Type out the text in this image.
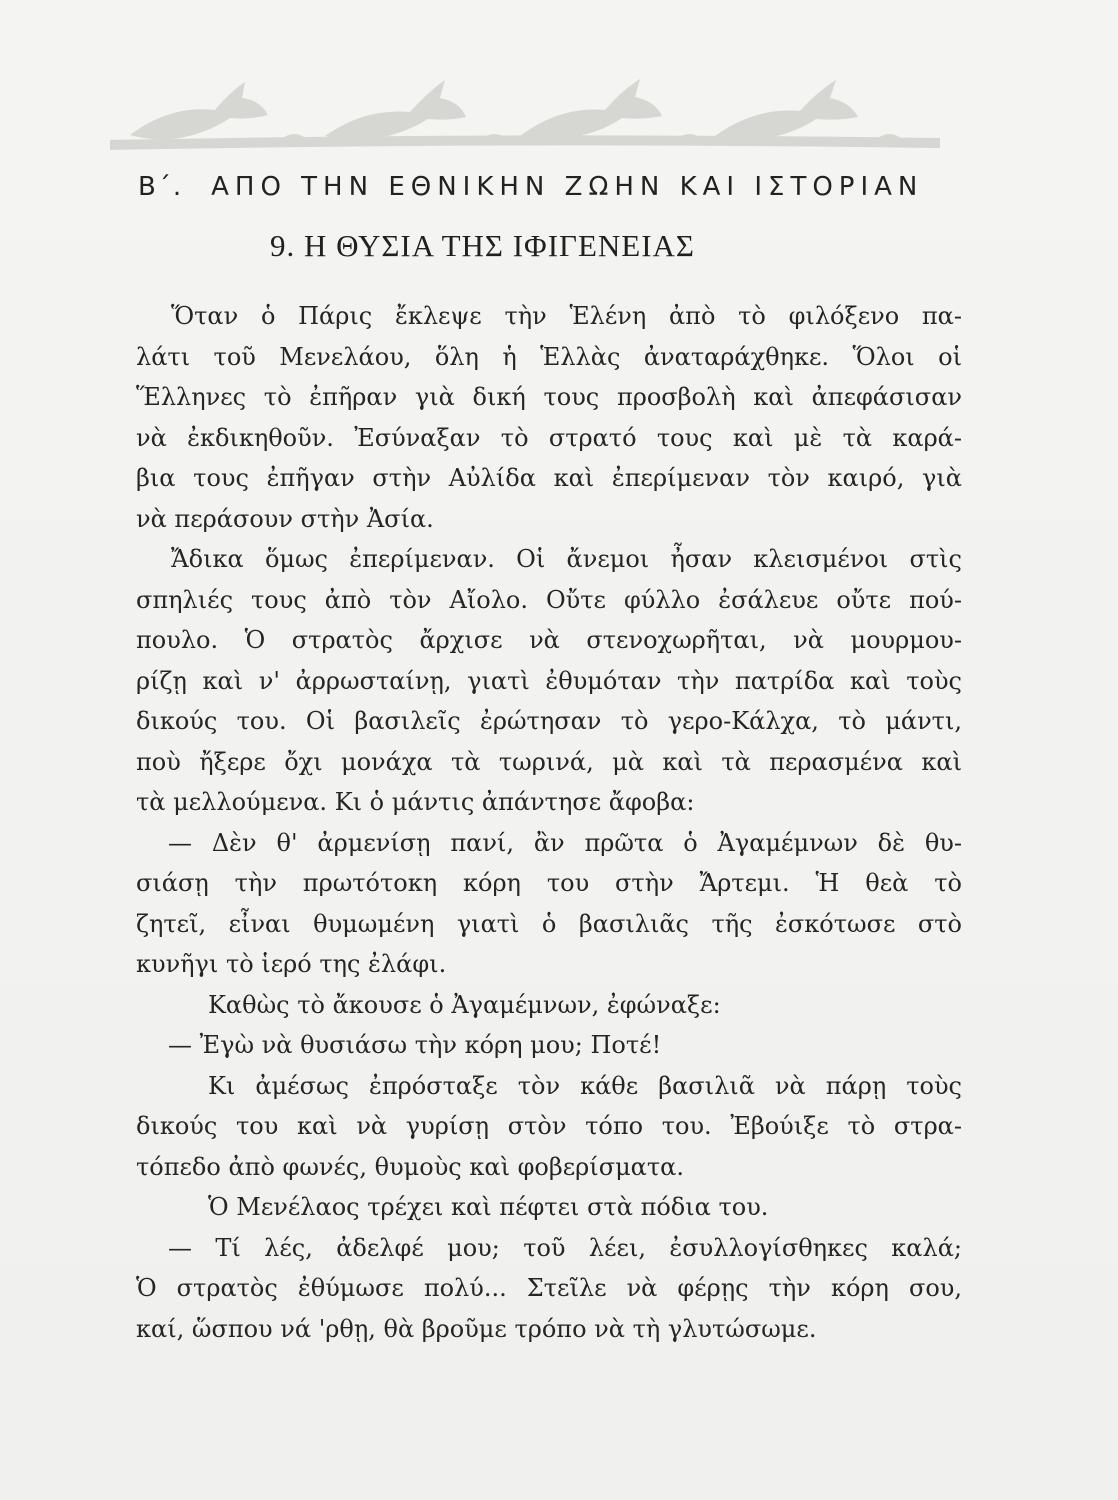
Β΄. ΑΠΟ ΤΗΝ ΕΘΝΙΚΗΝ ΖΩΗΝ ΚΑΙ ΙΣΤΟΡΙΑΝ
9. Η ΘΥΣΙΑ ΤΗΣ ΙΦΙΓΕΝΕΙΑΣ
Ὅταν ὁ Πάρις ἔκλεψε τὴν Ἑλένη ἀπὸ τὸ φιλόξενο πα-
λάτι τοῦ Μενελάου, ὅλη ἡ Ἑλλὰς ἀναταράχθηκε. Ὅλοι οἱ
Ἕλληνες τὸ ἐπῆραν γιὰ δική τους προσβολὴ καὶ ἀπεφάσισαν
νὰ ἐκδικηθοῦν. Ἐσύναξαν τὸ στρατό τους καὶ μὲ τὰ καρά-
βια τους ἐπῆγαν στὴν Αὐλίδα καὶ ἐπερίμεναν τὸν καιρό, γιὰ
νὰ περάσουν στὴν Ἀσία.
Ἄδικα ὅμως ἐπερίμεναν. Οἱ ἄνεμοι ἦσαν κλεισμένοι στὶς
σπηλιές τους ἀπὸ τὸν Αἴολο. Οὔτε φύλλο ἐσάλευε οὔτε πού-
πουλο. Ὁ στρατὸς ἄρχισε νὰ στενοχωρῆται, νὰ μουρμου-
ρίζῃ καὶ ν' ἀρρωσταίνῃ, γιατὶ ἐθυμόταν τὴν πατρίδα καὶ τοὺς
δικούς του. Οἱ βασιλεῖς ἐρώτησαν τὸ γερο-Κάλχα, τὸ μάντι,
ποὺ ἤξερε ὄχι μονάχα τὰ τωρινά, μὰ καὶ τὰ περασμένα καὶ
τὰ μελλούμενα. Κι ὁ μάντις ἀπάντησε ἄφοβα:
— Δὲν θ' ἀρμενίσῃ πανί, ἂν πρῶτα ὁ Ἀγαμέμνων δὲ θυ-
σιάσῃ τὴν πρωτότοκη κόρη του στὴν Ἄρτεμι. Ἡ θεὰ τὸ
ζητεῖ, εἶναι θυμωμένη γιατὶ ὁ βασιλιᾶς τῆς ἐσκότωσε στὸ
κυνῆγι τὸ ἱερό της ἐλάφι.
Καθὼς τὸ ἄκουσε ὁ Ἀγαμέμνων, ἐφώναξε:
— Ἐγὼ νὰ θυσιάσω τὴν κόρη μου; Ποτέ!
Κι ἀμέσως ἐπρόσταξε τὸν κάθε βασιλιᾶ νὰ πάρῃ τοὺς
δικούς του καὶ νὰ γυρίσῃ στὸν τόπο του. Ἐβούιξε τὸ στρα-
τόπεδο ἀπὸ φωνές, θυμοὺς καὶ φοβερίσματα.
Ὁ Μενέλαος τρέχει καὶ πέφτει στὰ πόδια του.
— Τί λές, ἀδελφέ μου; τοῦ λέει, ἐσυλλογίσθηκες καλά;
Ὁ στρατὸς ἐθύμωσε πολύ... Στεῖλε νὰ φέρῃς τὴν κόρη σου,
καί, ὥσπου νά 'ρθῃ, θὰ βροῦμε τρόπο νὰ τὴ γλυτώσωμε.
